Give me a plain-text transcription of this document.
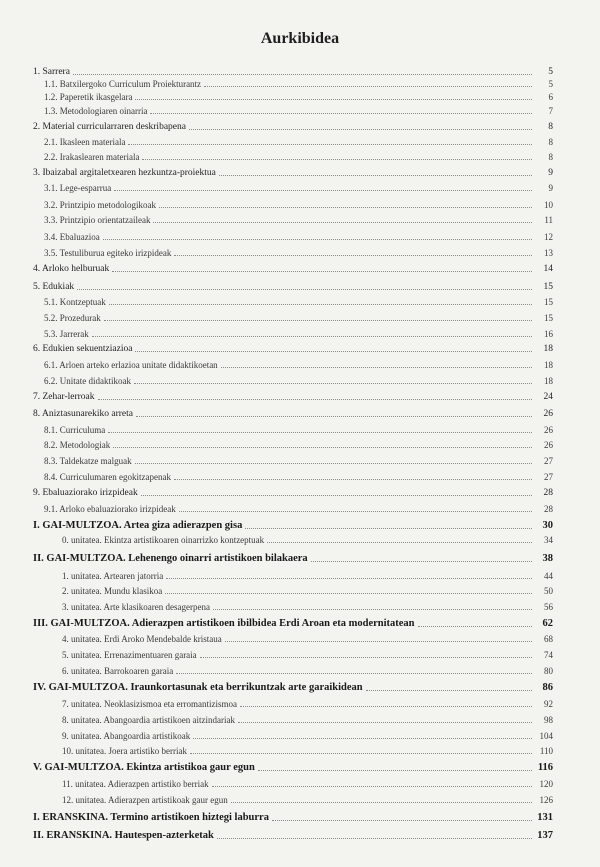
Aurkibidea
1. Sarrera	5
1.1. Batxilergoko Curriculum Proiekturantz	5
1.2. Paperetik ikasgelara	6
1.3. Metodologiaren oinarria	7
2. Material curricularraren deskribapena	8
2.1. Ikasleen materiala	8
2.2. Irakaslearen materiala	8
3. Ibaizabal argitaletxearen hezkuntza-proiektua	9
3.1. Lege-esparrua	9
3.2. Printzipio metodologikoak	10
3.3. Printzipio orientatzaileak	11
3.4. Ebaluazioa	12
3.5. Testuliburua egiteko irizpideak	13
4. Arloko helburuak	14
5. Edukiak	15
5.1. Kontzeptuak	15
5.2. Prozedurak	15
5.3. Jarrerak	16
6. Edukien sekuentziazioa	18
6.1. Arloen arteko erlazioa unitate didaktikoetan	18
6.2. Unitate didaktikoak	18
7. Zehar-lerroak	24
8. Aniztasunarekiko arreta	26
8.1. Curriculuma	26
8.2. Metodologiak	26
8.3. Taldekatze malguak	27
8.4. Curriculumaren egokitzapenak	27
9. Ebaluaziorako irizpideak	28
9.1. Arloko ebaluaziorako irizpideak	28
I. GAI-MULTZOA. Artea giza adierazpen gisa	30
0. unitatea. Ekintza artistikoaren oinarrizko kontzeptuak	34
II. GAI-MULTZOA. Lehenengo oinarri artistikoen bilakaera	38
1. unitatea. Artearen jatorria	44
2. unitatea. Mundu klasikoa	50
3. unitatea. Arte klasikoaren desagerpena	56
III. GAI-MULTZOA. Adierazpen artistikoen ibilbidea Erdi Aroan eta modernitatean	62
4. unitatea. Erdi Aroko Mendebalde kristaua	68
5. unitatea. Errenazimentuaren garaia	74
6. unitatea. Barrokoaren garaia	80
IV. GAI-MULTZOA. Iraunkortasunak eta berrikuntzak arte garaikidean	86
7. unitatea. Neoklasizismoa eta erromantizismoa	92
8. unitatea. Abangoardia artistikoen aitzindariak	98
9. unitatea. Abangoardia artistikoak	104
10. unitatea. Joera artistiko berriak	110
V. GAI-MULTZOA. Ekintza artistikoa gaur egun	116
11. unitatea. Adierazpen artistiko berriak	120
12. unitatea. Adierazpen artistikoak gaur egun	126
I. ERANSKINA. Termino artistikoen hiztegi laburra	131
II. ERANSKINA. Hautespen-azterketak	137
